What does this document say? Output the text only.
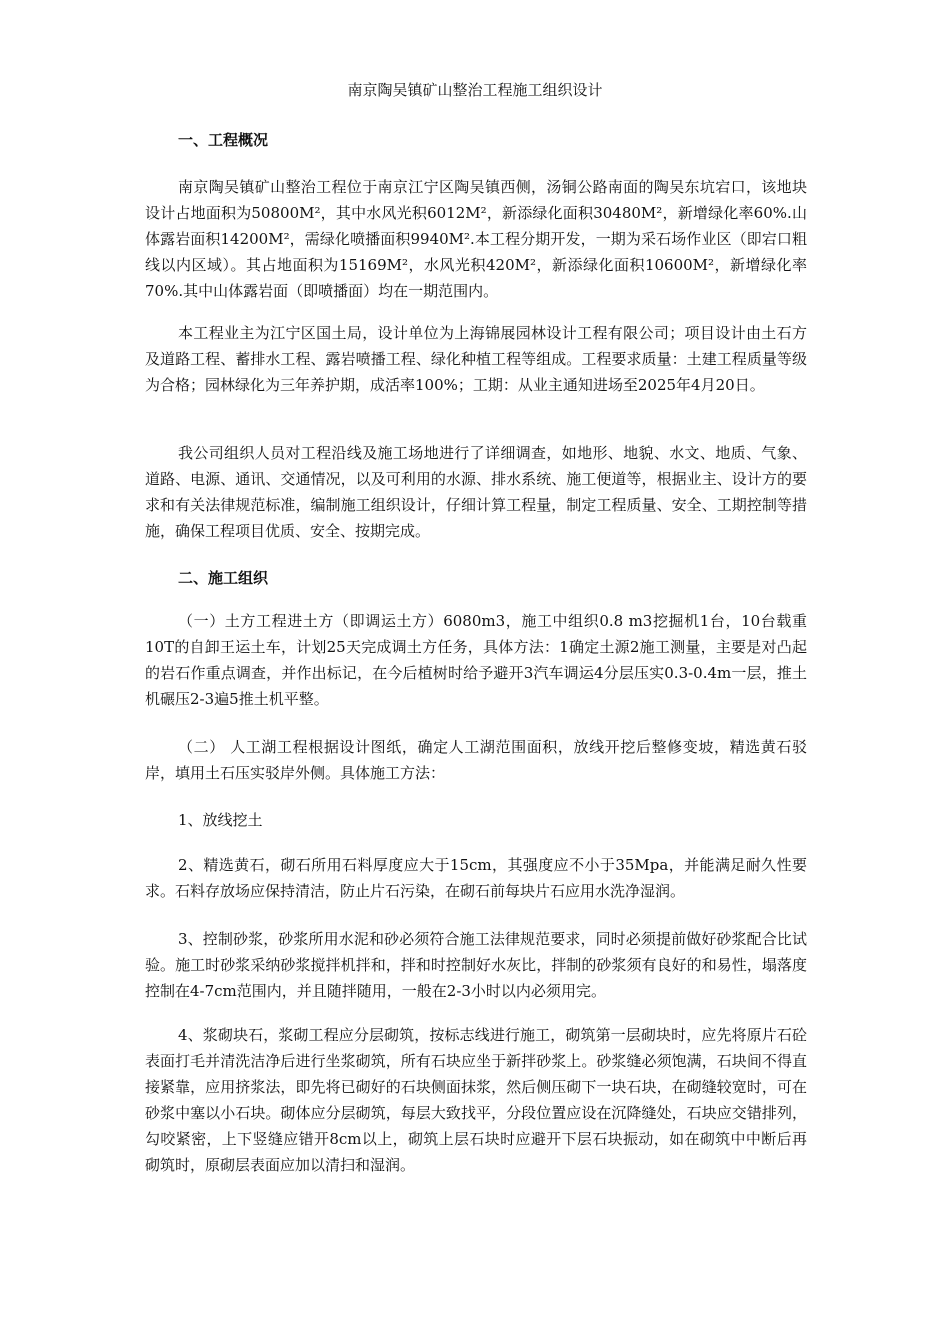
南京陶吴镇矿山整治工程施工组织设计
一、工程概况

南京陶吴镇矿山整治工程位于南京江宁区陶吴镇西侧，汤铜公路南面的陶吴东坑宕口，该地块设计占地面积为50800M²，其中水风光积6012M²，新添绿化面积30480M²，新增绿化率60%.山体露岩面积14200M²，需绿化喷播面积9940M².本工程分期开发，一期为采石场作业区（即宕口粗线以内区域）。其占地面积为15169M²，水风光积420M²，新添绿化面积10600M²，新增绿化率70%.其中山体露岩面（即喷播面）均在一期范围内。

本工程业主为江宁区国土局，设计单位为上海锦展园林设计工程有限公司；项目设计由土石方及道路工程、蓄排水工程、露岩喷播工程、绿化种植工程等组成。工程要求质量：土建工程质量等级为合格；园林绿化为三年养护期，成活率100%；工期：从业主通知进场至2025年4月20日。

我公司组织人员对工程沿线及施工场地进行了详细调查，如地形、地貌、水文、地质、气象、道路、电源、通讯、交通情况，以及可利用的水源、排水系统、施工便道等，根据业主、设计方的要求和有关法律规范标准，编制施工组织设计，仔细计算工程量，制定工程质量、安全、工期控制等措施，确保工程项目优质、安全、按期完成。

二、施工组织

（一）土方工程进土方（即调运土方）6080m3，施工中组织0.8 m3挖掘机1台，10台载重10T的自卸王运土车，计划25天完成调土方任务，具体方法：1确定土源2施工测量，主要是对凸起的岩石作重点调查，并作出标记，在今后植树时给予避开3汽车调运4分层压实0.3-0.4m一层，推土机碾压2-3遍5推土机平整。

（二） 人工湖工程根据设计图纸，确定人工湖范围面积，放线开挖后整修变坡，精选黄石驳岸，填用土石压实驳岸外侧。具体施工方法：

1、放线挖土

2、精选黄石，砌石所用石料厚度应大于15cm，其强度应不小于35Mpa，并能满足耐久性要求。石料存放场应保持清洁，防止片石污染，在砌石前每块片石应用水洗净湿润。

3、控制砂浆，砂浆所用水泥和砂必须符合施工法律规范要求，同时必须提前做好砂浆配合比试验。施工时砂浆采纳砂浆搅拌机拌和，拌和时控制好水灰比，拌制的砂浆须有良好的和易性，塌落度控制在4-7cm范围内，并且随拌随用，一般在2-3小时以内必须用完。

4、浆砌块石，浆砌工程应分层砌筑，按标志线进行施工，砌筑第一层砌块时，应先将原片石砼表面打毛并清洗洁净后进行坐浆砌筑，所有石块应坐于新拌砂浆上。砂浆缝必须饱满，石块间不得直接紧靠，应用挤浆法，即先将已砌好的石块侧面抹浆，然后侧压砌下一块石块，在砌缝较宽时，可在砂浆中塞以小石块。砌体应分层砌筑，每层大致找平，分段位置应设在沉降缝处，石块应交错排列，勾咬紧密，上下竖缝应错开8cm以上，砌筑上层石块时应避开下层石块振动，如在砌筑中中断后再砌筑时，原砌层表面应加以清扫和湿润。
